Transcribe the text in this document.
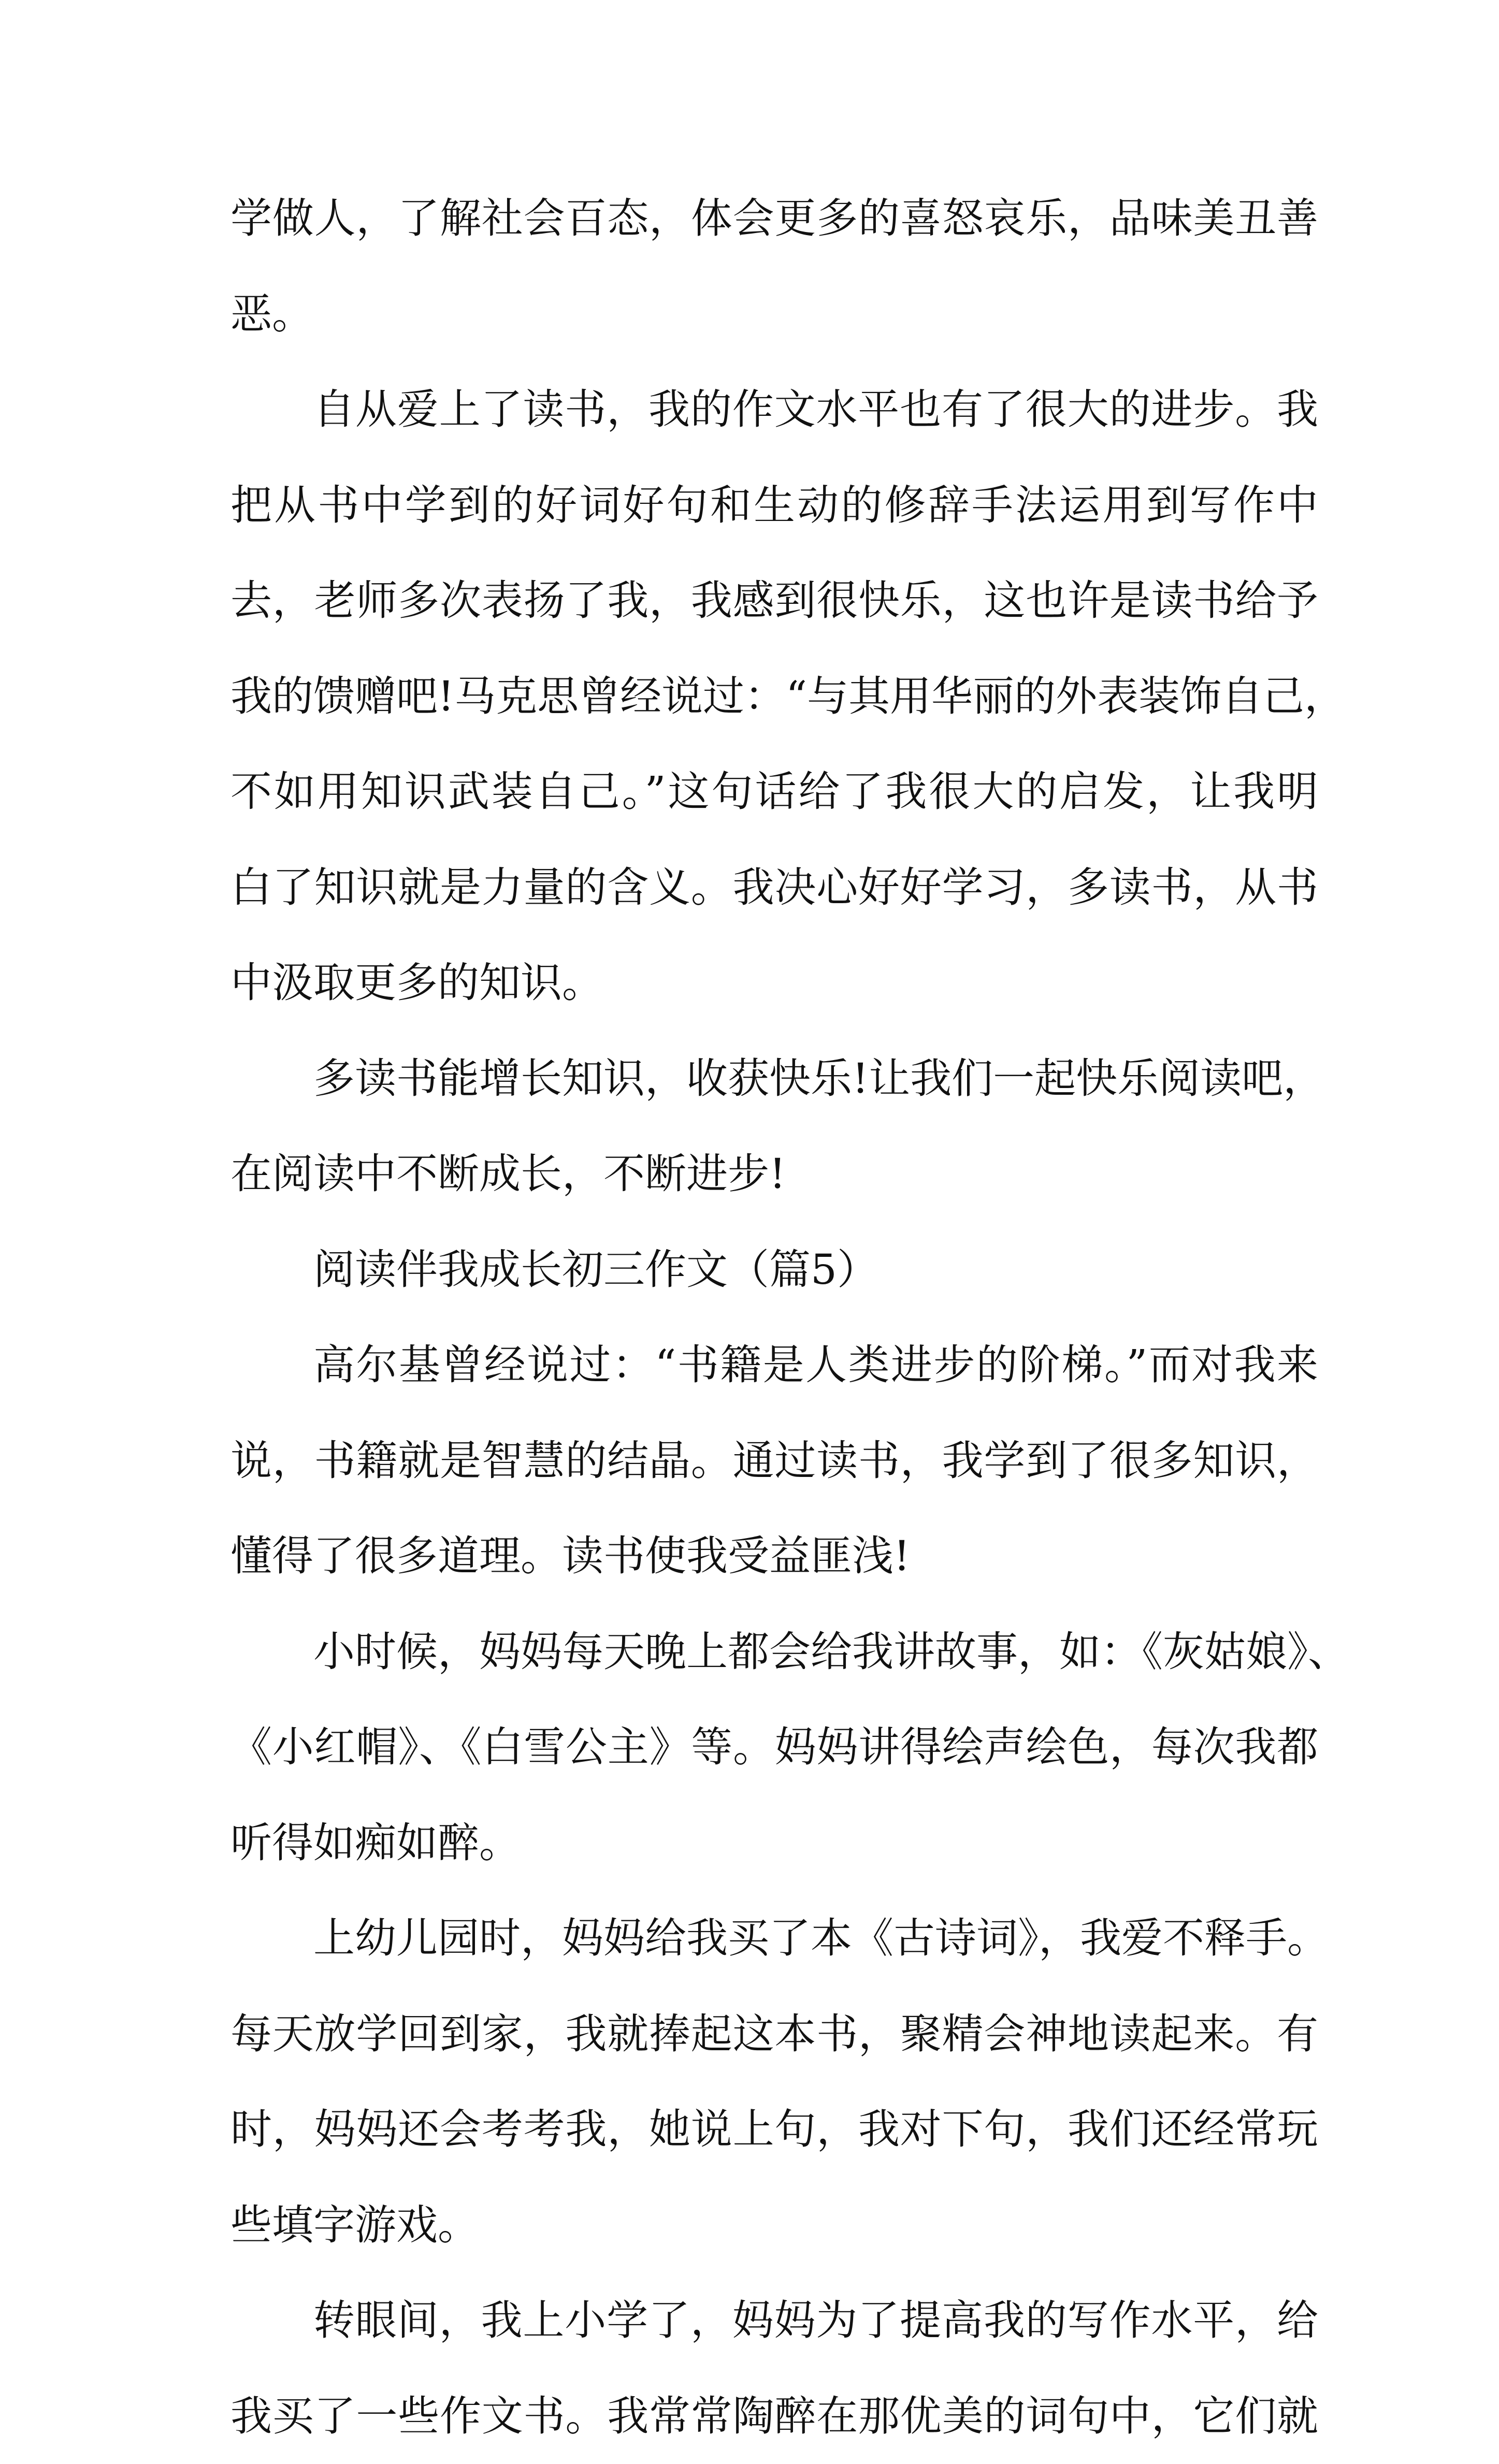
学做人，了解社会百态，体会更多的喜怒哀乐，品味美丑善
恶。
自从爱上了读书，我的作文水平也有了很大的进步。我
把从书中学到的好词好句和生动的修辞手法运用到写作中
去，老师多次表扬了我，我感到很快乐，这也许是读书给予
我的馈赠吧!马克思曾经说过：“与其用华丽的外表装饰自己，
不如用知识武装自己。”这句话给了我很大的启发，让我明
白了知识就是力量的含义。我决心好好学习，多读书，从书
中汲取更多的知识。
多读书能增长知识，收获快乐!让我们一起快乐阅读吧，
在阅读中不断成长，不断进步!
阅读伴我成长初三作文（篇5）
高尔基曾经说过：“书籍是人类进步的阶梯。”而对我来
说，书籍就是智慧的结晶。通过读书，我学到了很多知识，
懂得了很多道理。读书使我受益匪浅!
小时候，妈妈每天晚上都会给我讲故事，如：《灰姑娘》、
《小红帽》、《白雪公主》等。妈妈讲得绘声绘色，每次我都
听得如痴如醉。
上幼儿园时，妈妈给我买了本《古诗词》，我爱不释手。
每天放学回到家，我就捧起这本书，聚精会神地读起来。有
时，妈妈还会考考我，她说上句，我对下句，我们还经常玩
些填字游戏。
转眼间，我上小学了，妈妈为了提高我的写作水平，给
我买了一些作文书。我常常陶醉在那优美的词句中，它们就
